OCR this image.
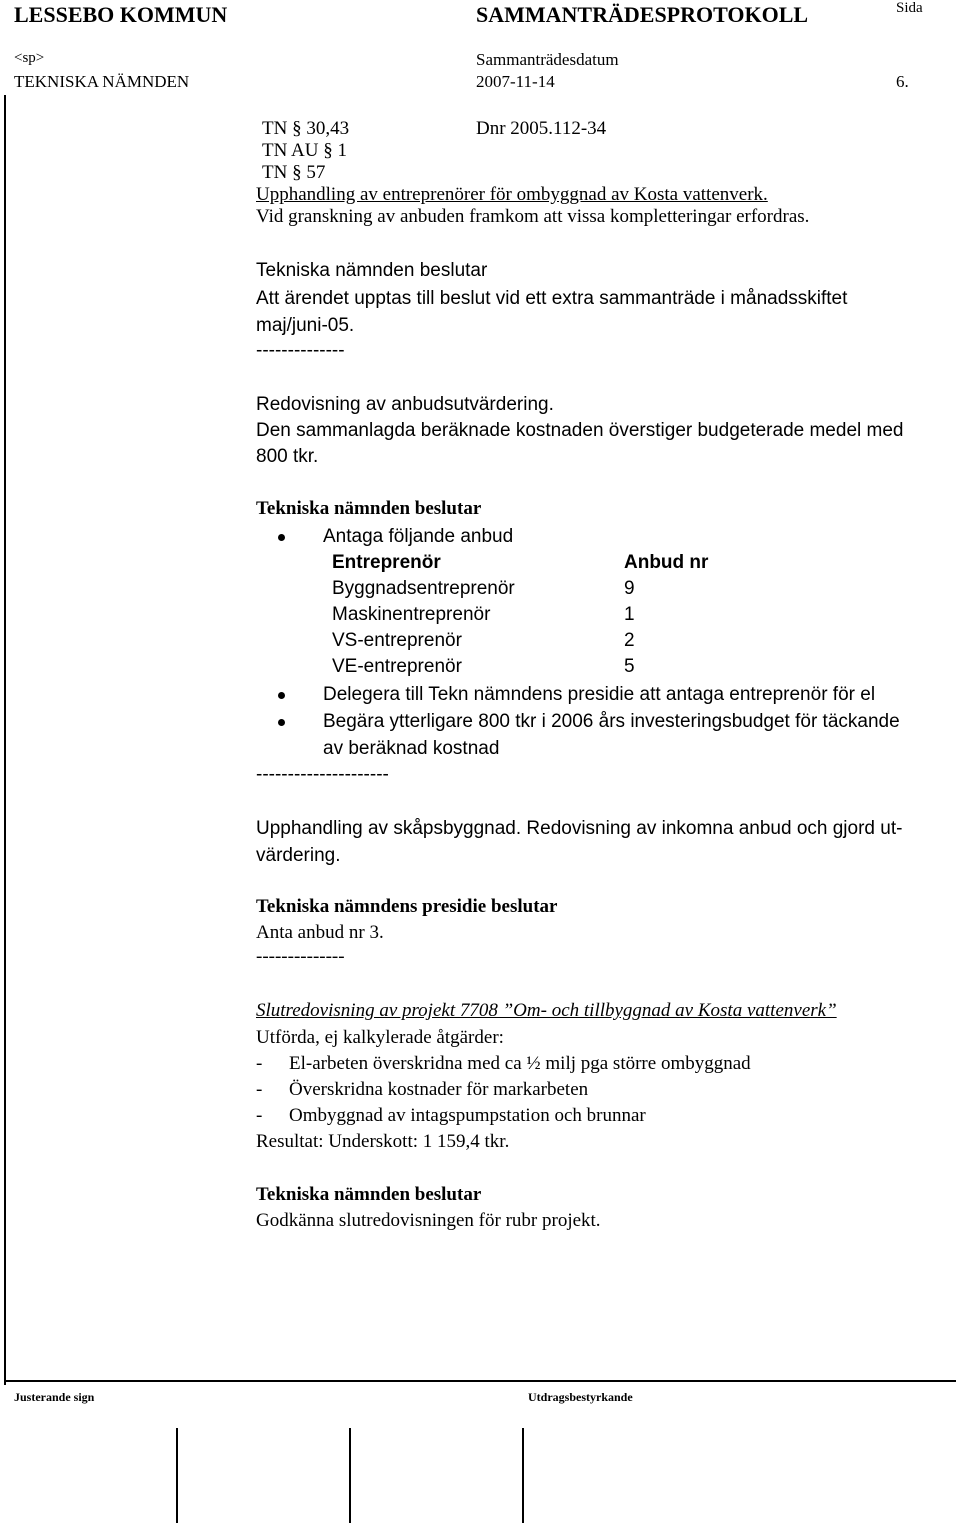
LESSEBO KOMMUN	SAMMANTRÄDESPROTOKOLL	Sida
<sp>	Sammanträdesdatum
TEKNISKA NÄMNDEN	2007-11-14	6.
TN § 30,43	Dnr 2005.112-34
TN AU § 1
TN § 57
Upphandling av entreprenörer för ombyggnad av Kosta vattenverk.
Vid granskning av anbuden framkom att vissa kompletteringar erfordras.
Tekniska nämnden beslutar
Att ärendet upptas till beslut vid ett extra sammanträde i månadsskiftet
maj/juni-05.
--------------
Redovisning av anbudsutvärdering.
Den sammanlagda beräknade kostnaden överstiger budgeterade medel med
800 tkr.
Tekniska nämnden beslutar
Antaga följande anbud
Entreprenör	Anbud nr
Byggnadsentreprenör	9
Maskinentreprenör	1
VS-entreprenör	2
VE-entreprenör	5
Delegera till Tekn nämndens presidie att antaga entreprenör för el
Begära ytterligare 800 tkr i 2006 års investeringsbudget för täckande
av beräknad kostnad
---------------------
Upphandling av skåpsbyggnad. Redovisning av inkomna anbud och gjord ut-
värdering.
Tekniska nämndens presidie beslutar
Anta anbud nr 3.
--------------
Slutredovisning av projekt 7708 ”Om- och tillbyggnad av Kosta vattenverk”
Utförda, ej kalkylerade åtgärder:
- El-arbeten överskridna med ca ½ milj pga större ombyggnad
- Överskridna kostnader för markarbeten
- Ombyggnad av intagspumpstation och brunnar
Resultat: Underskott: 1 159,4 tkr.
Tekniska nämnden beslutar
Godkänna slutredovisningen för rubr projekt.
Justerande sign	Utdragsbestyrkande
